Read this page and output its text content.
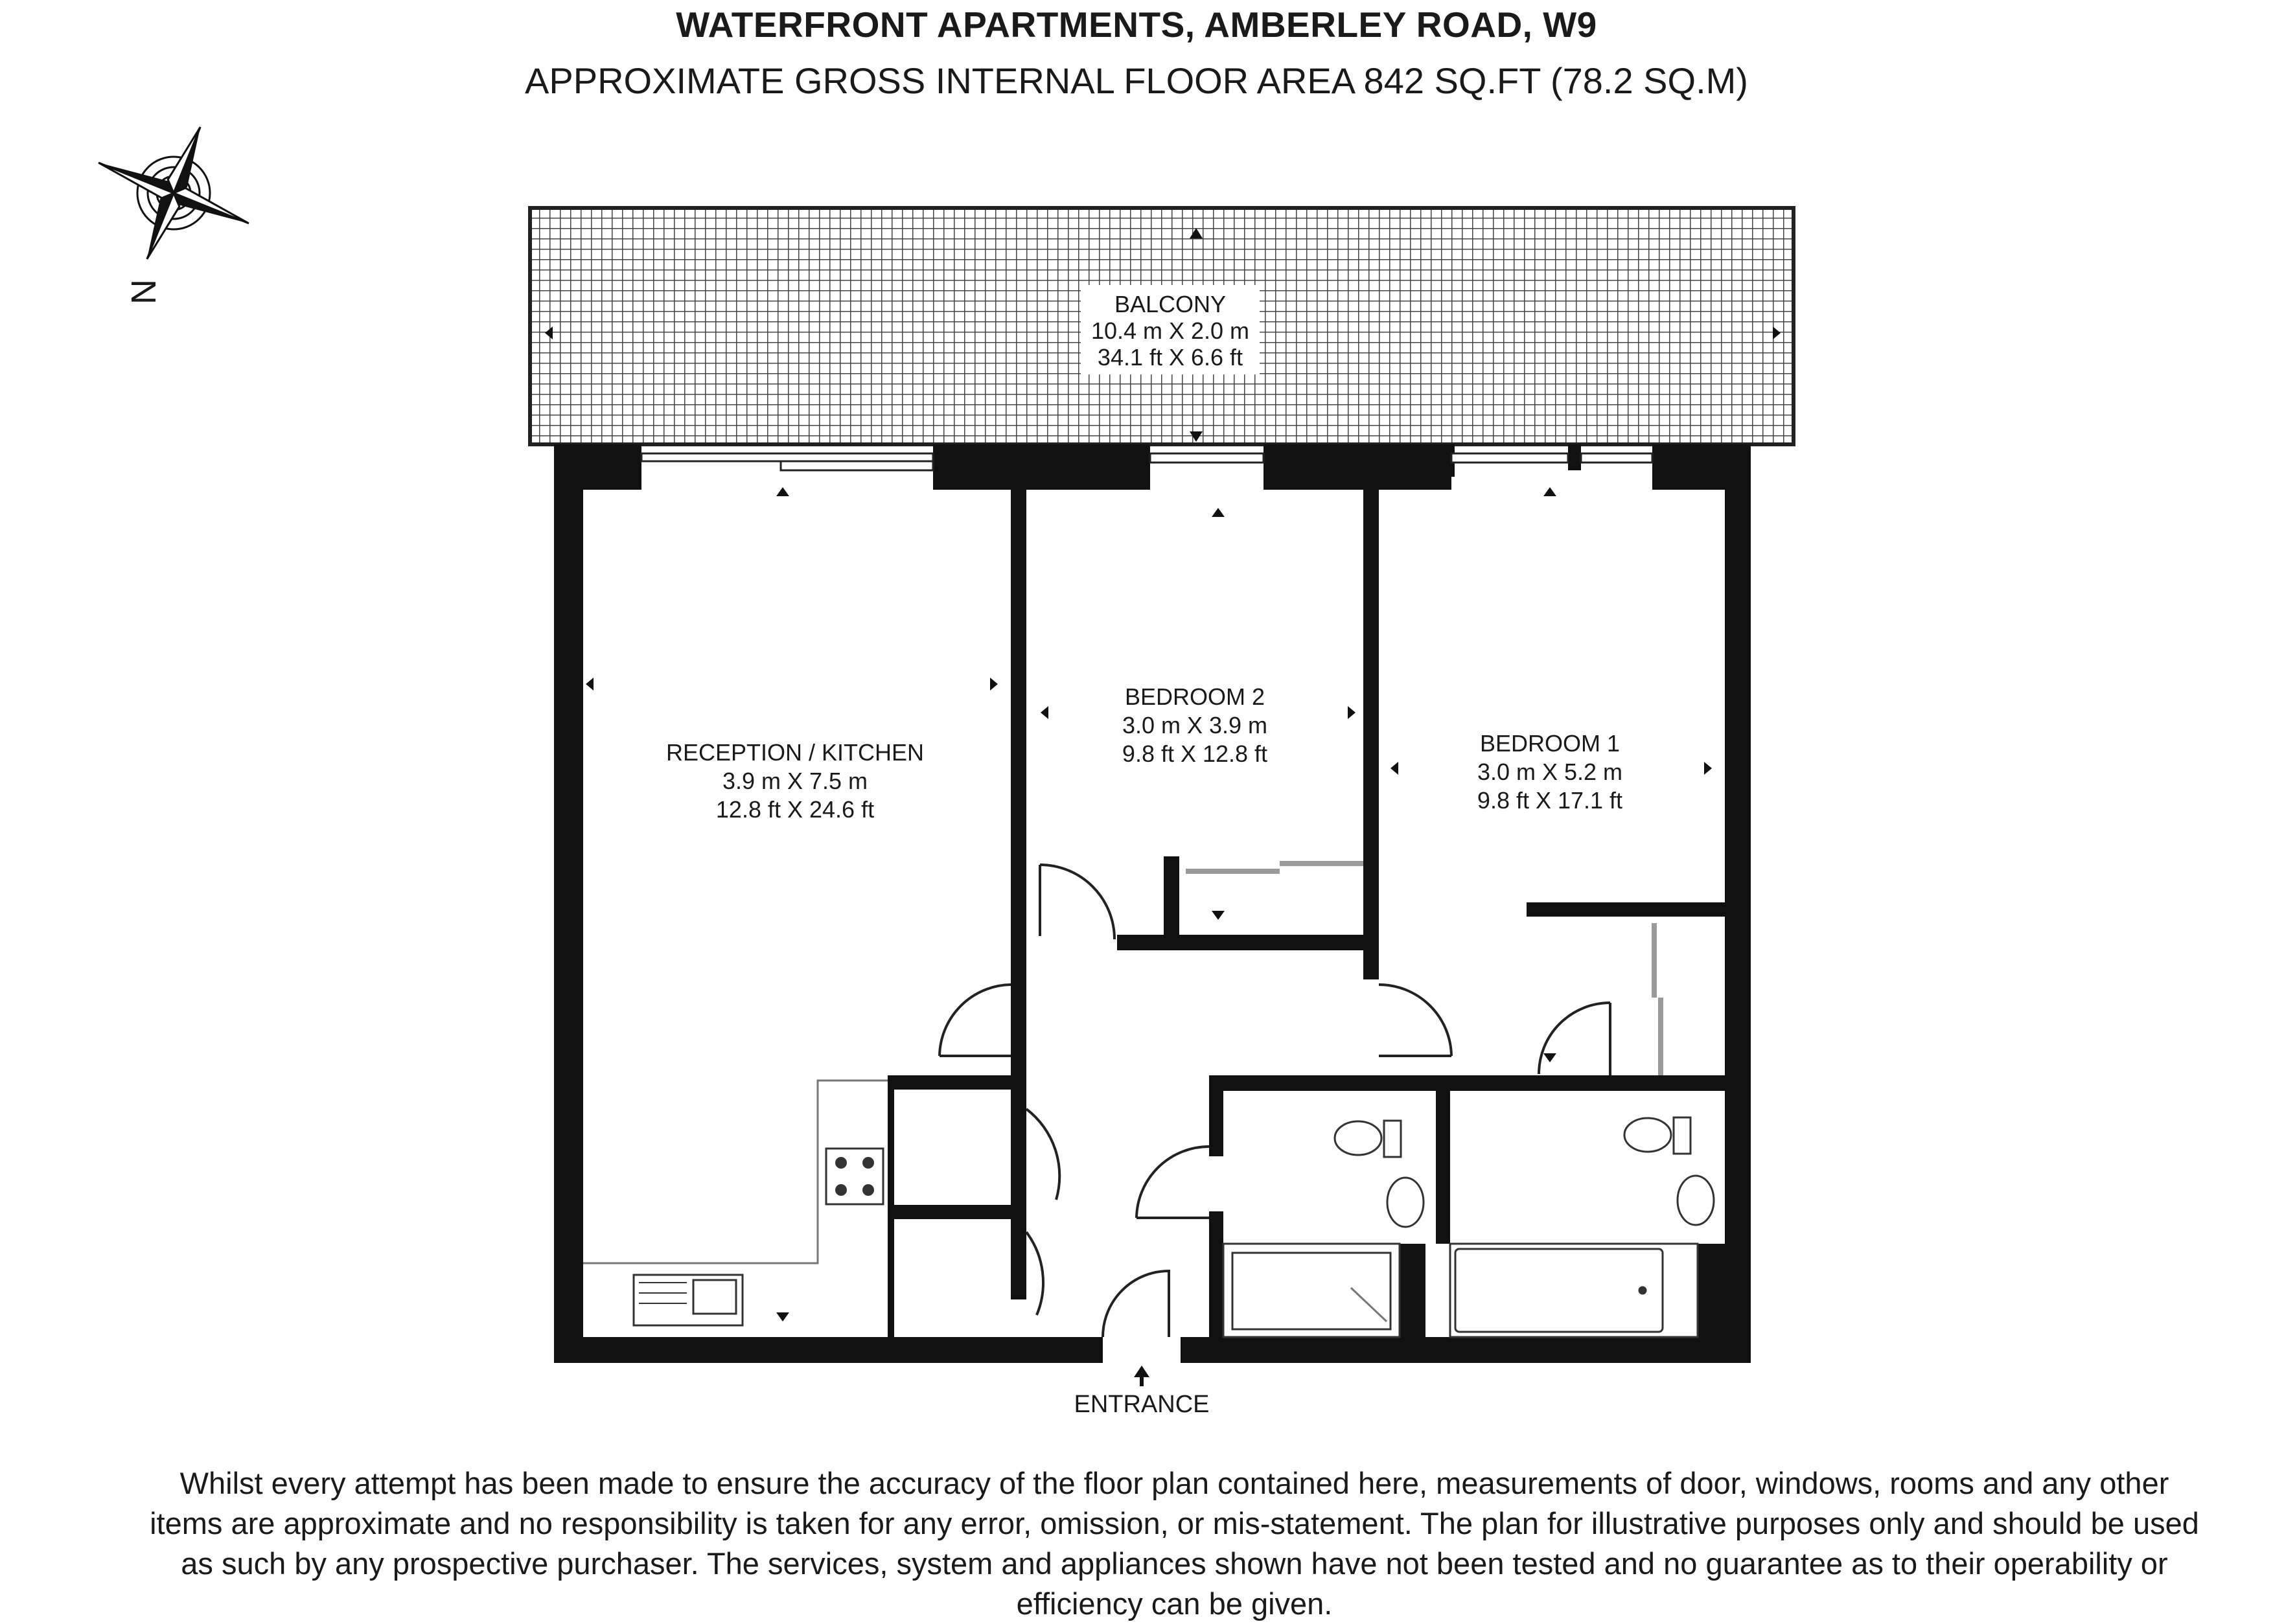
WATERFRONT APARTMENTS, AMBERLEY ROAD, W9
APPROXIMATE GROSS INTERNAL FLOOR AREA 842 SQ.FT (78.2 SQ.M)
N	BALCONY
10.4 m X 2.0 m
34.1 ft X 6.6 ft
RECEPTION / KITCHEN
3.9 m X 7.5 m
12.8 ft X 24.6 ft
BEDROOM 2
3.0 m X 3.9 m
9.8 ft X 12.8 ft	BEDROOM 1
3.0 m X 5.2 m
9.8 ft X 17.1 ft
ENTRANCE

Whilst every attempt has been made to ensure the accuracy of the floor plan contained here, measurements of door, windows, rooms and any other items are approximate and no responsibility is taken for any error, omission, or mis-statement. The plan for illustrative purposes only and should be used as such by any prospective purchaser. The services, system and appliances shown have not been tested and no guarantee as to their operability or efficiency can be given.
